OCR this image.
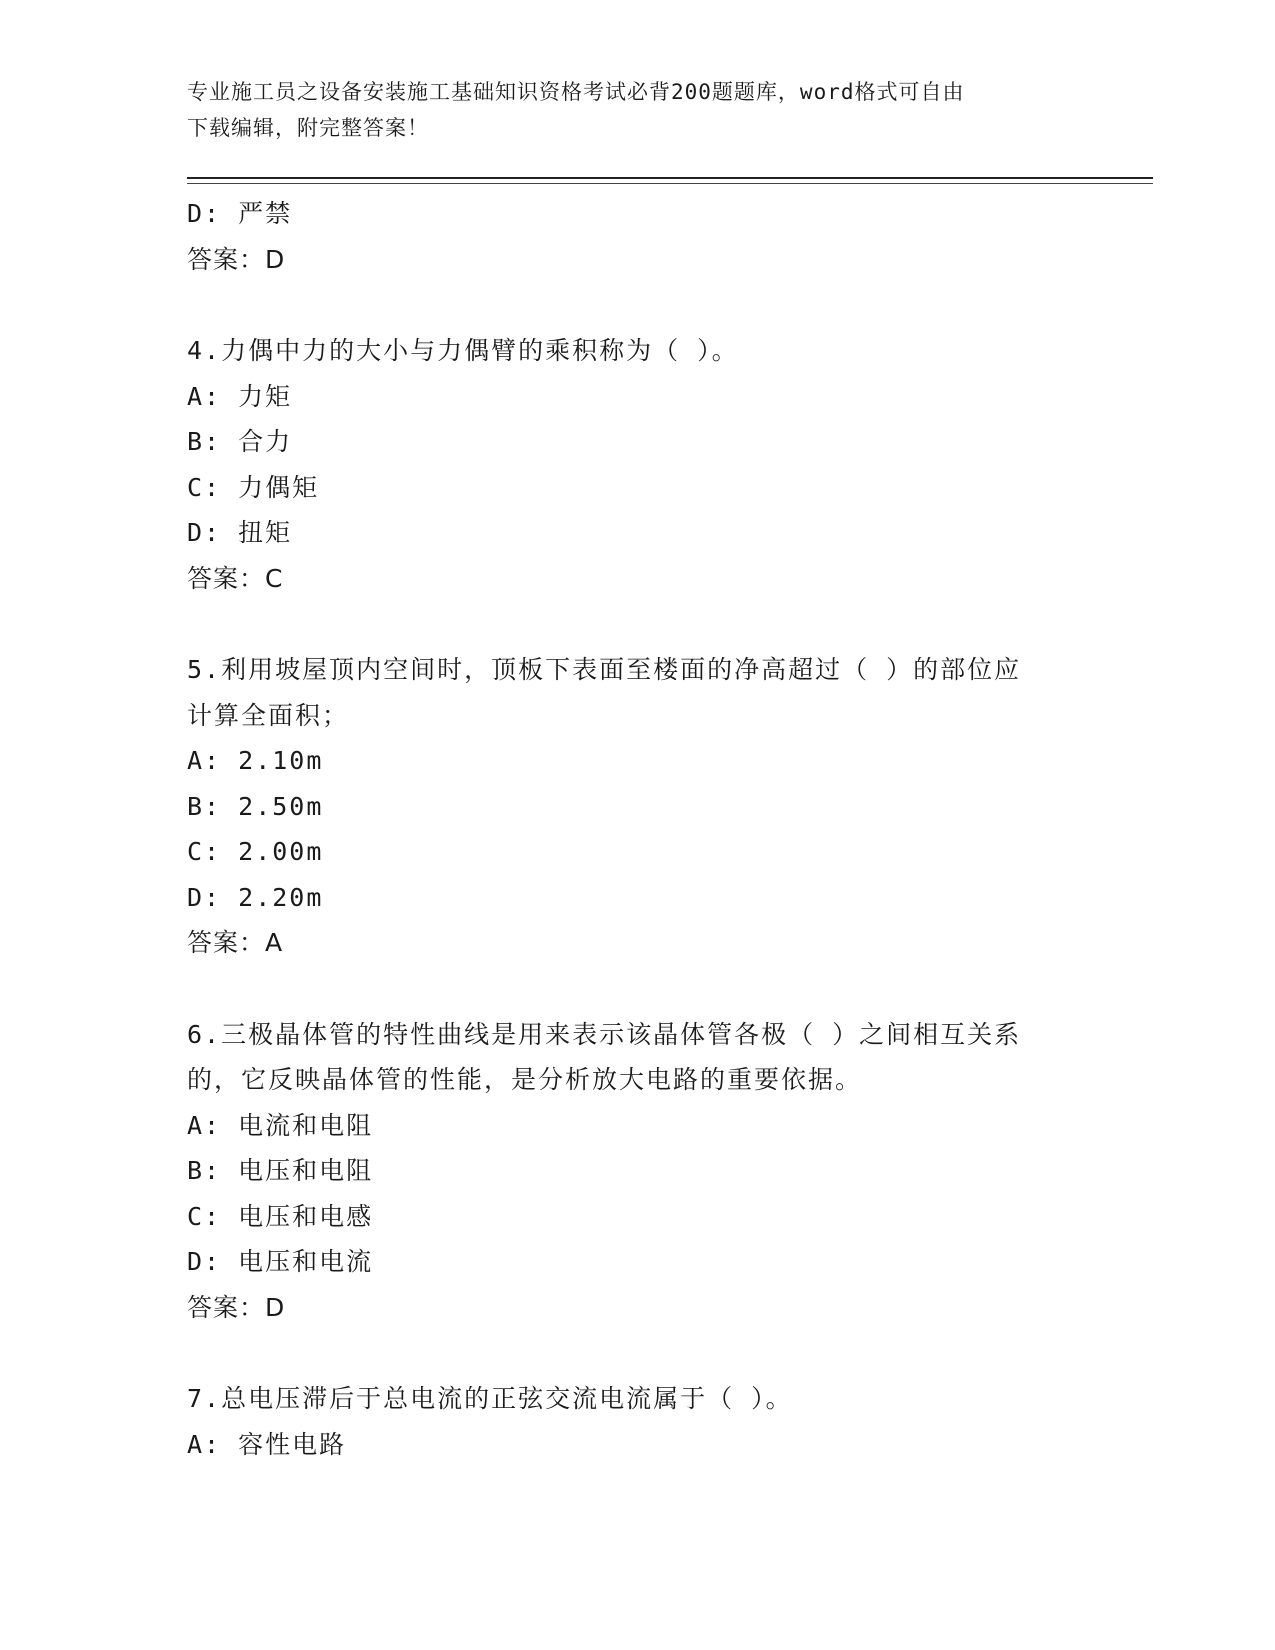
专业施工员之设备安装施工基础知识资格考试必背200题题库，word格式可自由
下载编辑，附完整答案！
D: 严禁
答案：D
4.力偶中力的大小与力偶臂的乘积称为（ ）。
A: 力矩
B: 合力
C: 力偶矩
D: 扭矩
答案：C
5.利用坡屋顶内空间时，顶板下表面至楼面的净高超过（ ）的部位应
计算全面积；
A: 2.10m
B: 2.50m
C: 2.00m
D: 2.20m
答案：A
6.三极晶体管的特性曲线是用来表示该晶体管各极（ ）之间相互关系
的，它反映晶体管的性能，是分析放大电路的重要依据。
A: 电流和电阻
B: 电压和电阻
C: 电压和电感
D: 电压和电流
答案：D
7.总电压滞后于总电流的正弦交流电流属于（ ）。
A: 容性电路
